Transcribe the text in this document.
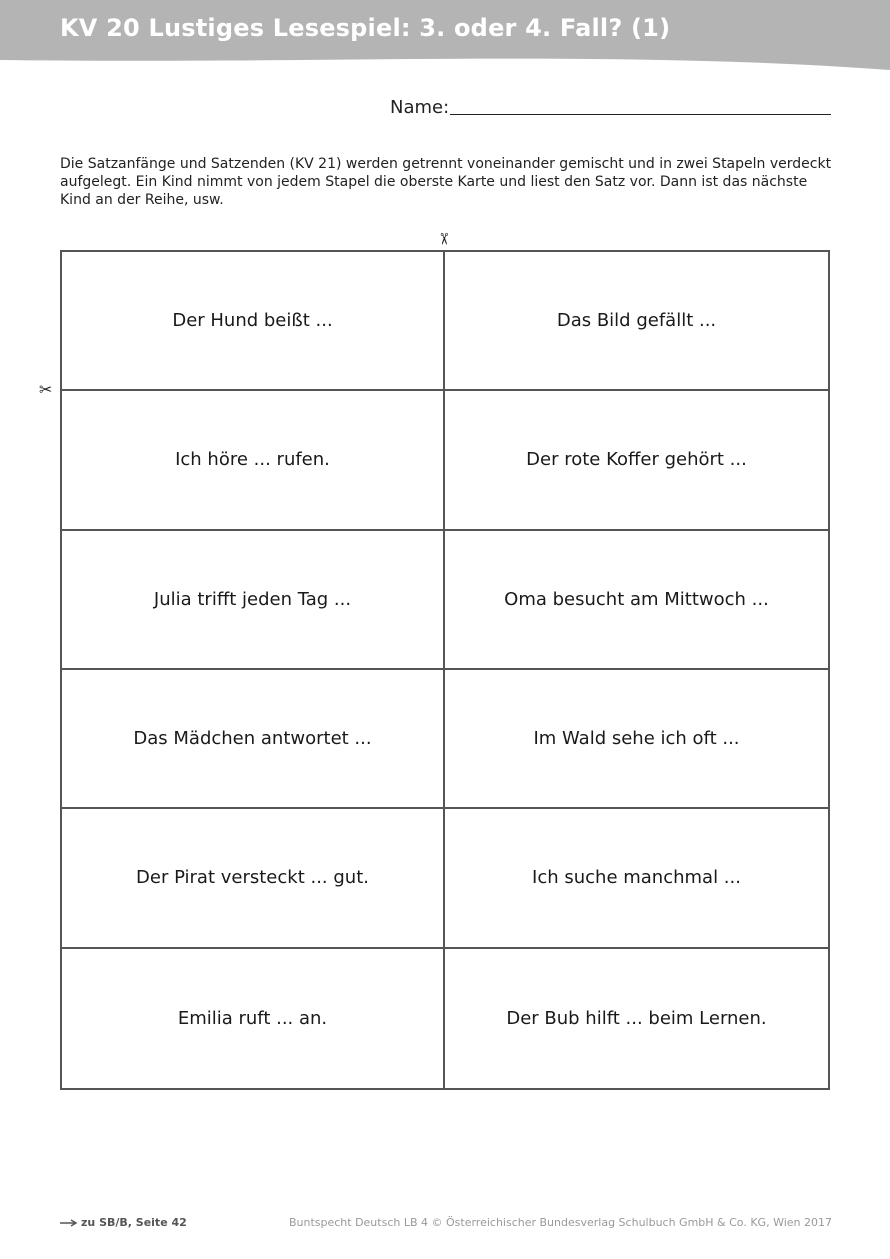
KV 20 Lustiges Lesespiel: 3. oder 4. Fall? (1)
Name:

Die Satzanfänge und Satzenden (KV 21) werden getrennt voneinander gemischt und in zwei Stapeln verdeckt aufgelegt. Ein Kind nimmt von jedem Stapel die oberste Karte und liest den Satz vor. Dann ist das nächste Kind an der Reihe, usw.

✂
✂
Der Hund beißt ...	Das Bild gefällt ...
Ich höre ... rufen.	Der rote Koffer gehört ...
Julia trifft jeden Tag ...	Oma besucht am Mittwoch ...
Das Mädchen antwortet ...	Im Wald sehe ich oft ...
Der Pirat versteckt ... gut.	Ich suche manchmal ...
Emilia ruft ... an.	Der Bub hilft ... beim Lernen.
zu SB/B, Seite 42	Buntspecht Deutsch LB 4 © Österreichischer Bundesverlag Schulbuch GmbH & Co. KG, Wien 2017
